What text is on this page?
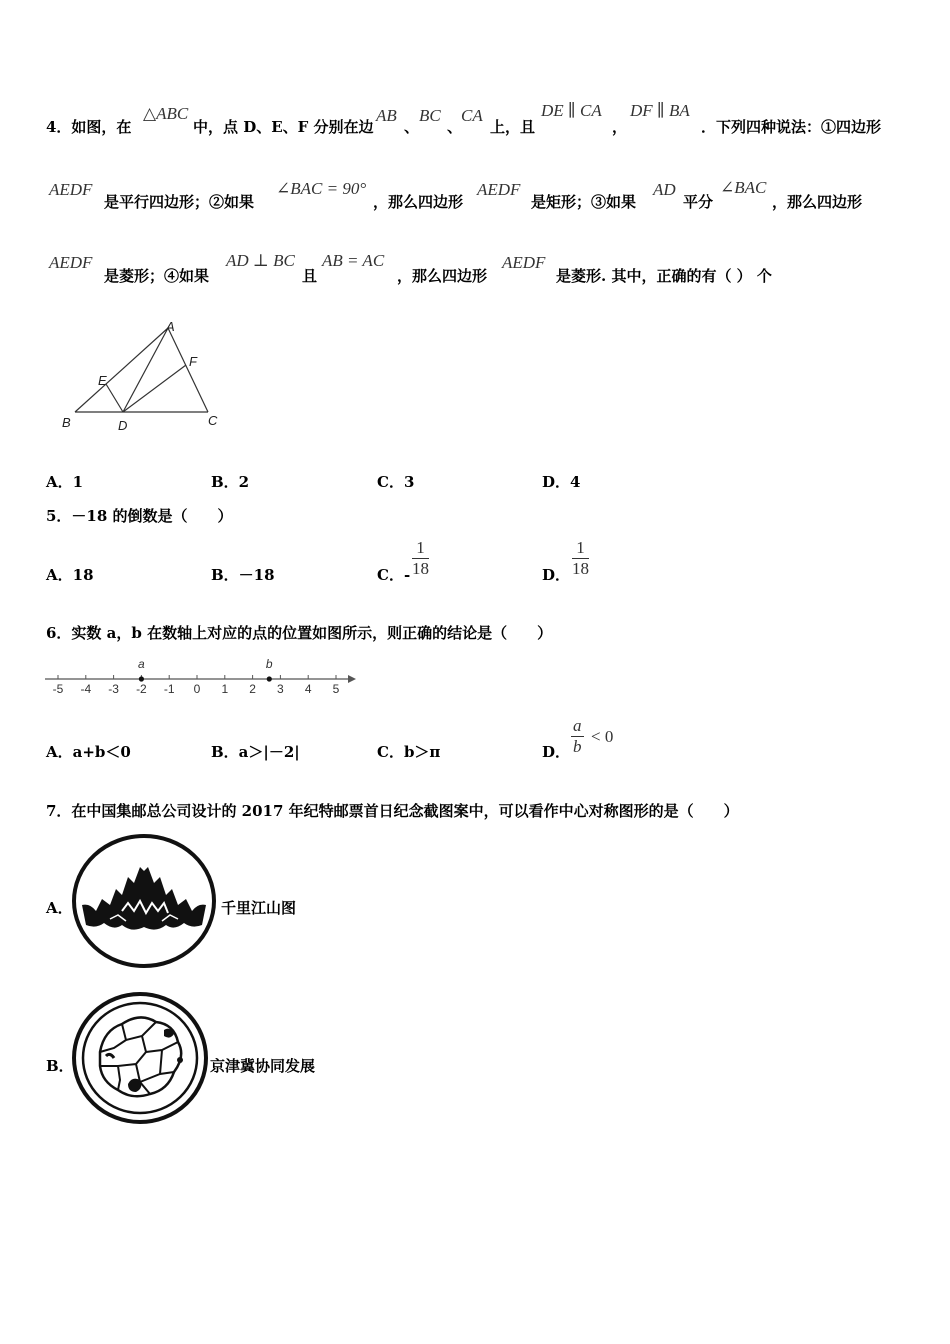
4．如图，在
△ABC
中，点 D、E、F 分别在边
AB
、
BC
、
CA
上，且
DE ∥ CA
，
DF ∥ BA
．下列四种说法：①四边形
AEDF
是平行四边形；②如果
∠BAC = 90°
，那么四边形
AEDF
是矩形；③如果
AD
平分
∠BAC
，那么四边形
AEDF
是菱形；④如果
AD ⊥ BC
且
AB = AC
，那么四边形
AEDF
是菱形. 其中，正确的有（ ） 个
A
B	C
D
E
F
A．1	B．2	C．3	D．4
5．－18 的倒数是（　　）
A．18	B．－18	C．- $\frac{1}{18}$	D． $\frac{1}{18}$
6．实数 a，b 在数轴上对应的点的位置如图所示，则正确的结论是（　　）
-5 -4 -3 -2 -1 0 1 2 3 4 5
a	b
A．a+b＜0	B．a＞|－2|	C．b＞π	D． $\frac{a}{b} < 0$
7．在中国集邮总公司设计的 2017 年纪特邮票首日纪念截图案中，可以看作中心对称图形的是（　　）
A．	千里江山图
B．	京津冀协同发展
